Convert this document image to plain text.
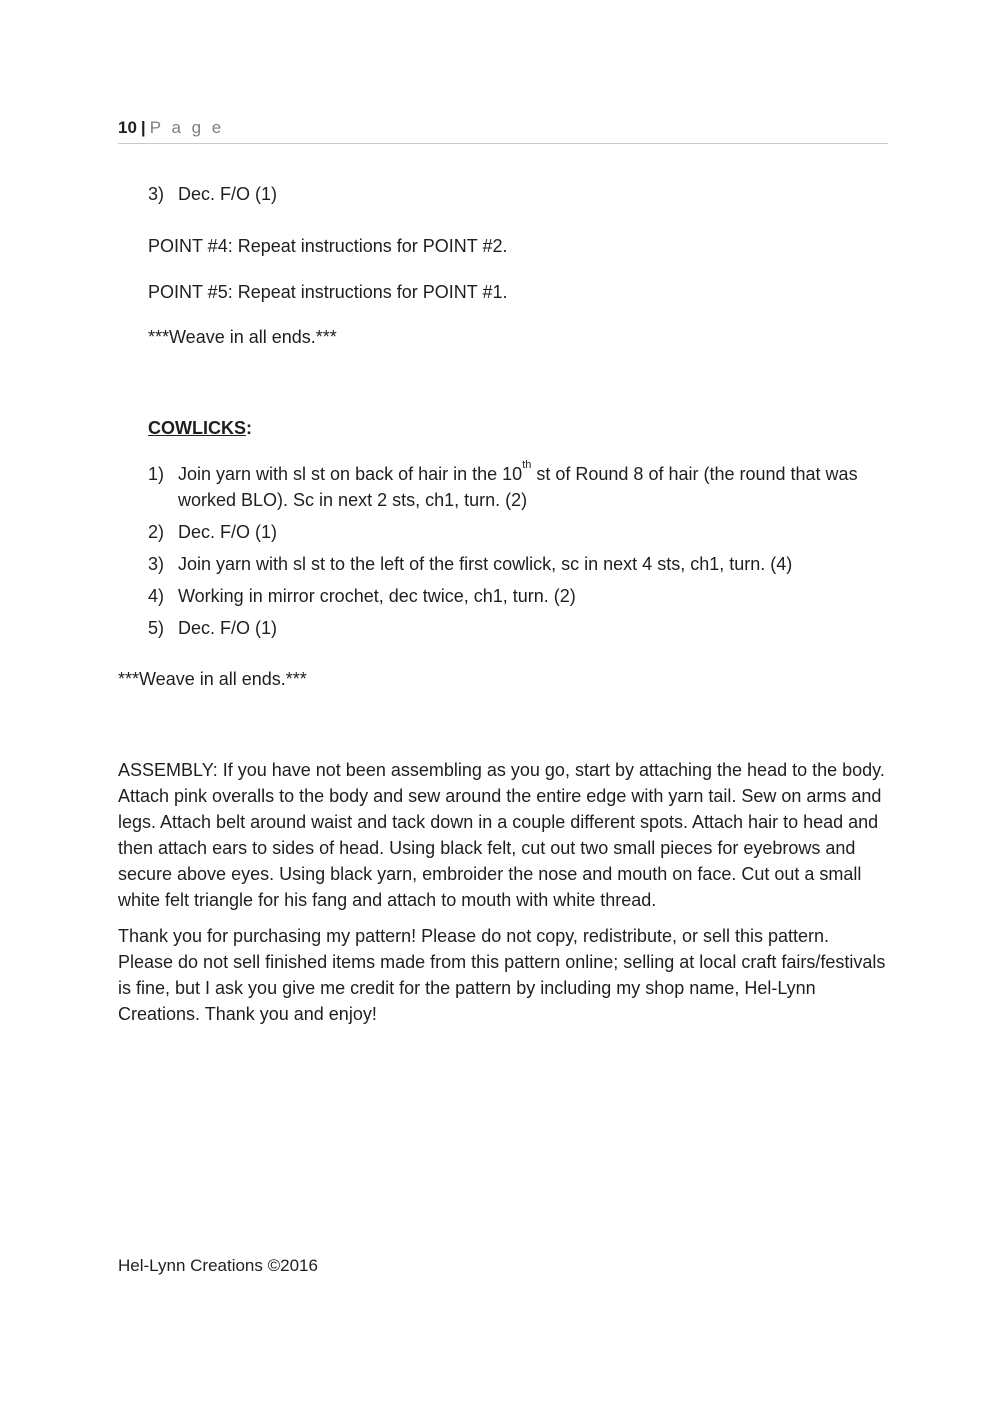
10 | P a g e
3) Dec. F/O (1)

POINT #4: Repeat instructions for POINT #2.

POINT #5: Repeat instructions for POINT #1.

***Weave in all ends.***

COWLICKS:
1) Join yarn with sl st on back of hair in the 10th st of Round 8 of hair (the round that was worked BLO). Sc in next 2 sts, ch1, turn. (2)
2) Dec. F/O (1)
3) Join yarn with sl st to the left of the first cowlick, sc in next 4 sts, ch1, turn. (4)
4) Working in mirror crochet, dec twice, ch1, turn. (2)
5) Dec. F/O (1)

***Weave in all ends.***

ASSEMBLY: If you have not been assembling as you go, start by attaching the head to the body. Attach pink overalls to the body and sew around the entire edge with yarn tail. Sew on arms and legs. Attach belt around waist and tack down in a couple different spots. Attach hair to head and then attach ears to sides of head. Using black felt, cut out two small pieces for eyebrows and secure above eyes. Using black yarn, embroider the nose and mouth on face. Cut out a small white felt triangle for his fang and attach to mouth with white thread.

Thank you for purchasing my pattern! Please do not copy, redistribute, or sell this pattern. Please do not sell finished items made from this pattern online; selling at local craft fairs/festivals is fine, but I ask you give me credit for the pattern by including my shop name, Hel-Lynn Creations. Thank you and enjoy!

Hel-Lynn Creations ©2016
